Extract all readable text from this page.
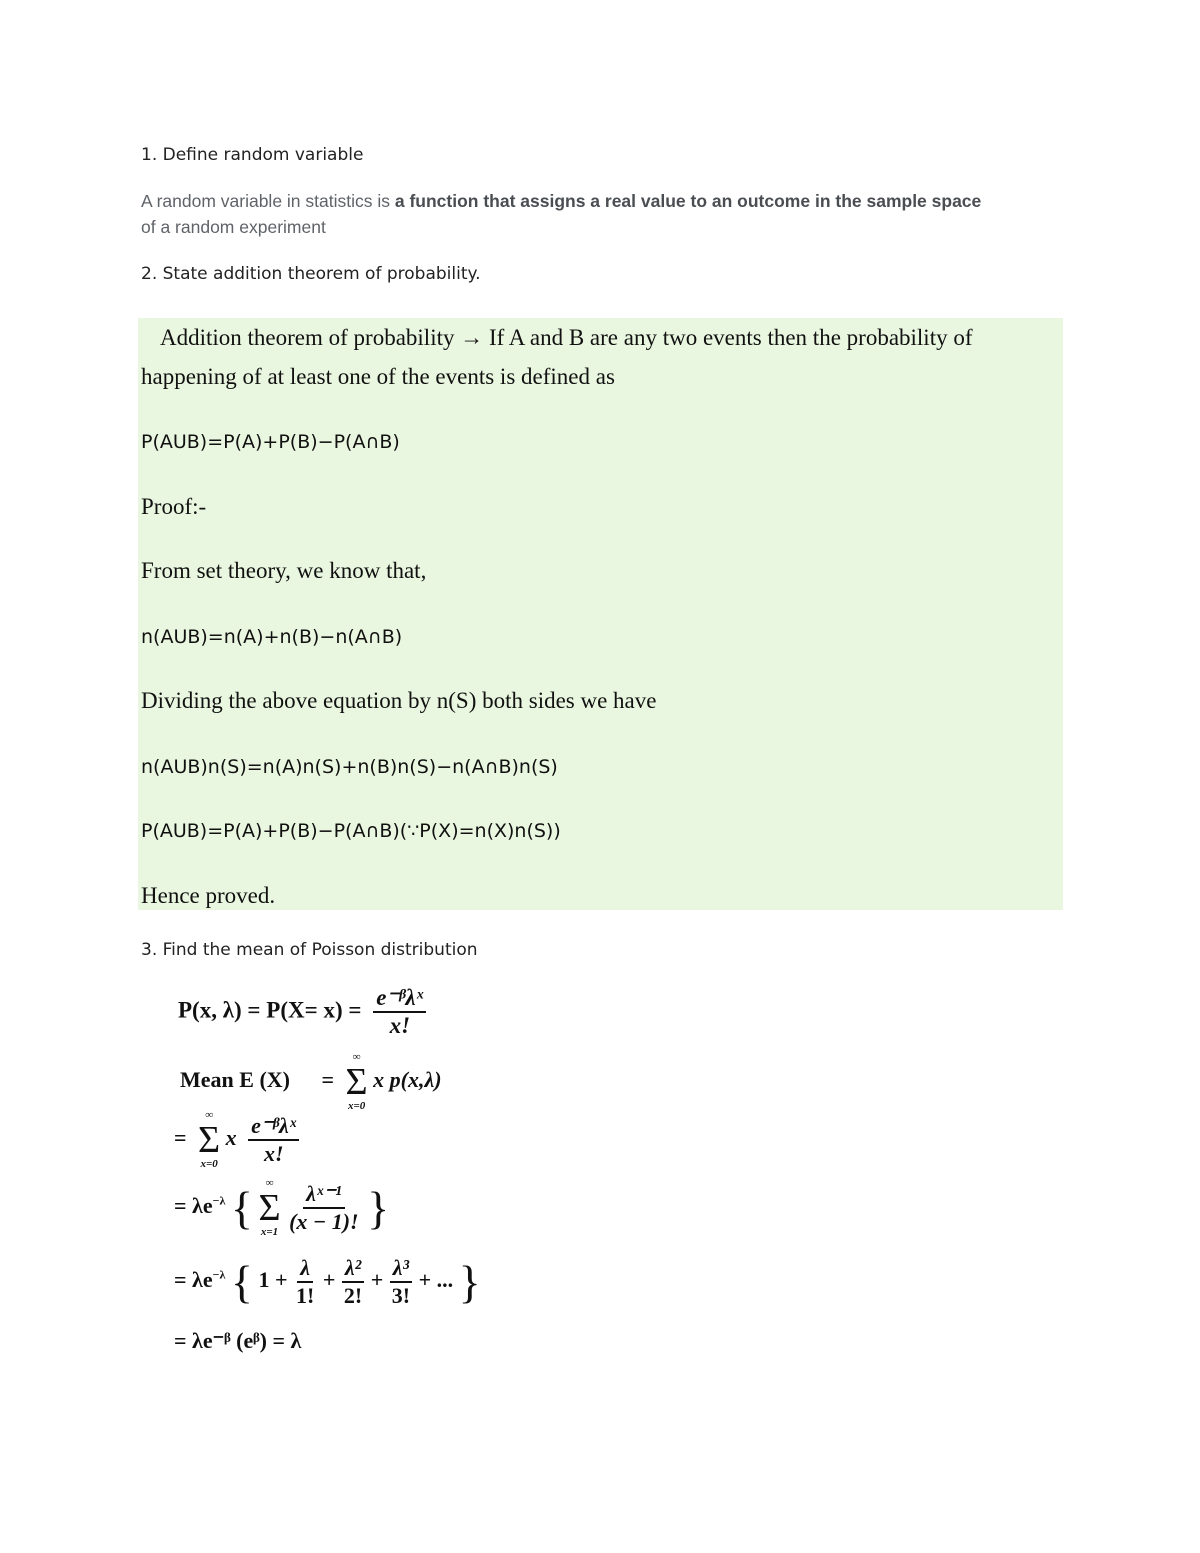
1. Define random variable
A random variable in statistics is a function that assigns a real value to an outcome in the sample space
of a random experiment
2. State addition theorem of probability.
Addition theorem of probability → If A and B are any two events then the probability of
happening of at least one of the events is defined as
P(AUB)=P(A)+P(B)−P(A∩B)
Proof:-
From set theory, we know that,
n(AUB)=n(A)+n(B)−n(A∩B)
Dividing the above equation by n(S) both sides we have
n(AUB)n(S)=n(A)n(S)+n(B)n(S)−n(A∩B)n(S)
P(AUB)=P(A)+P(B)−P(A∩B)(∵P(X)=n(X)n(S))
Hence proved.
3. Find the mean of Poisson distribution
P(x, $\lambda) = P(X= x) = \frac{\text{e⁻ᵝλˣ}}{x!}$
Mean E (X) =
∞
Σ
x=0
x p(x,λ)
=
∞
Σ
x=0
x $\frac{\text{e⁻ᵝλˣ}}{x!}$
= $\lambda e^{-\lambda}$ { ∞
Σ
x=1
$\frac{\text{λˣ⁻¹}}{(x - 1)!}$ }
= $\lambda e^{-\lambda}$ { $1 + \frac{\lambda}{1!} + \frac{\text{λ²}}{2!} + \frac{\text{λ³}}{3!}$ + ... }
= λe⁻ᵝ (eᵝ) = λ
